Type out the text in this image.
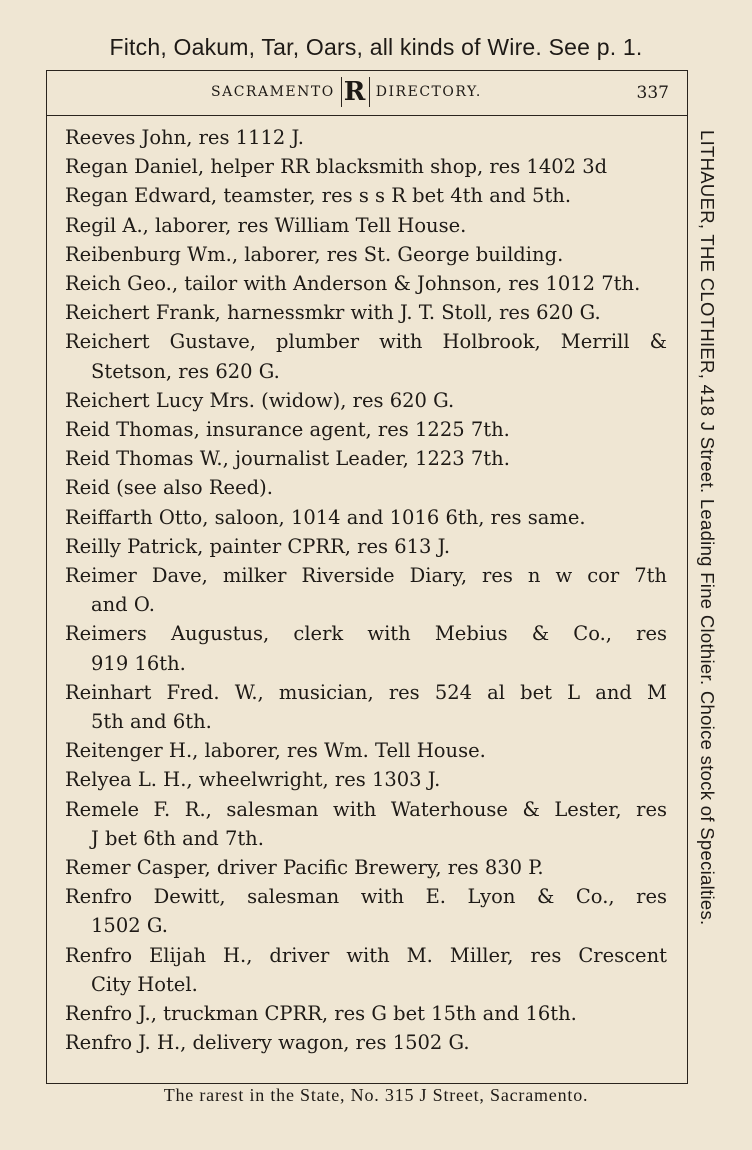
Fitch, Oakum, Tar, Oars, all kinds of Wire. See p. 1.
SACRAMENTO R DIRECTORY.	337
Reeves John, res 1112 J.
Regan Daniel, helper RR blacksmith shop, res 1402 3d
Regan Edward, teamster, res s s R bet 4th and 5th.
Regil A., laborer, res William Tell House.
Reibenburg Wm., laborer, res St. George building.
Reich Geo., tailor with Anderson & Johnson, res 1012 7th.
Reichert Frank, harnessmkr with J. T. Stoll, res 620 G.
Reichert Gustave, plumber with Holbrook, Merrill &
Stetson, res 620 G.
Reichert Lucy Mrs. (widow), res 620 G.
Reid Thomas, insurance agent, res 1225 7th.
Reid Thomas W., journalist Leader, 1223 7th.
Reid (see also Reed).
Reiffarth Otto, saloon, 1014 and 1016 6th, res same.
Reilly Patrick, painter CPRR, res 613 J.
Reimer Dave, milker Riverside Diary, res n w cor 7th
and O.
Reimers Augustus, clerk with Mebius & Co., res
919 16th.
Reinhart Fred. W., musician, res 524 al bet L and M
5th and 6th.
Reitenger H., laborer, res Wm. Tell House.
Relyea L. H., wheelwright, res 1303 J.
Remele F. R., salesman with Waterhouse & Lester, res
J bet 6th and 7th.
Remer Casper, driver Pacific Brewery, res 830 P.
Renfro Dewitt, salesman with E. Lyon & Co., res
1502 G.
Renfro Elijah H., driver with M. Miller, res Crescent
City Hotel.
Renfro J., truckman CPRR, res G bet 15th and 16th.
Renfro J. H., delivery wagon, res 1502 G.
LITHAUER, THE CLOTHIER, 418 J Street. Leading Fine Clothier. Choice stock of Specialties.
The rarest in the State, No. 315 J Street, Sacramento.
